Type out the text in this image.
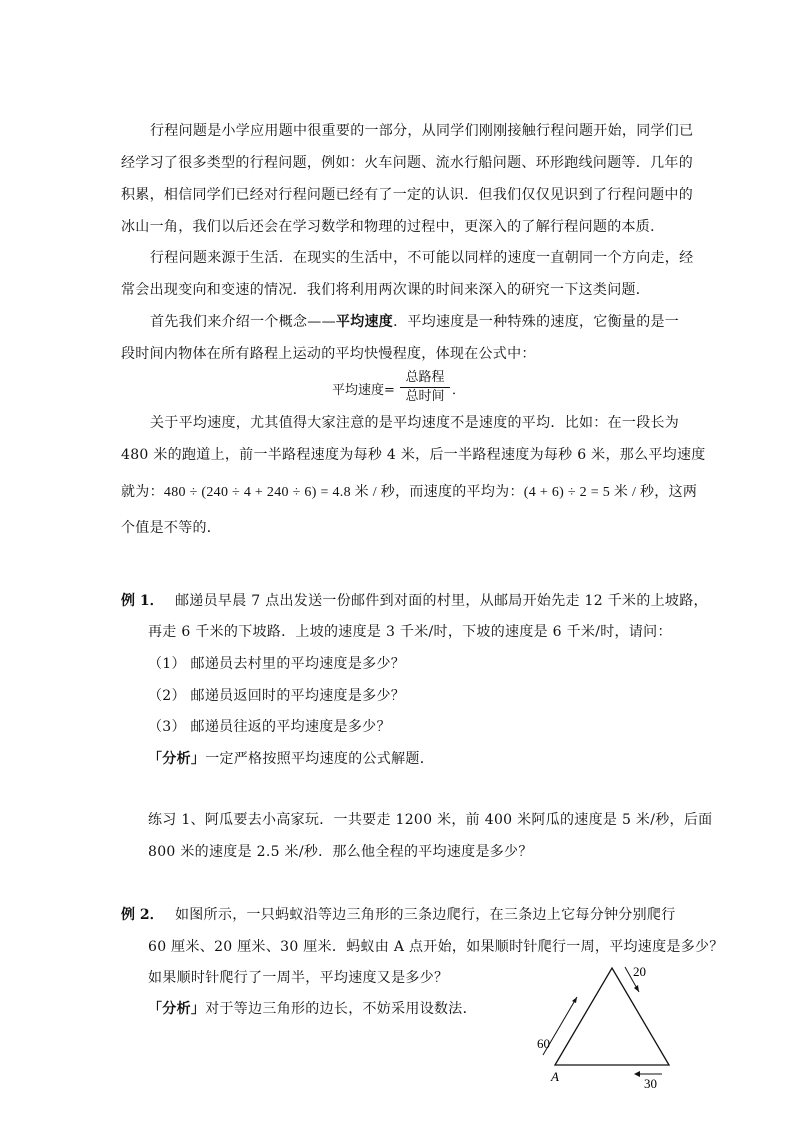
行程问题是小学应用题中很重要的一部分，从同学们刚刚接触行程问题开始，同学们已
经学习了很多类型的行程问题，例如：火车问题、流水行船问题、环形跑线问题等．几年的
积累，相信同学们已经对行程问题已经有了一定的认识．但我们仅仅见识到了行程问题中的
冰山一角，我们以后还会在学习数学和物理的过程中，更深入的了解行程问题的本质．
行程问题来源于生活．在现实的生活中，不可能以同样的速度一直朝同一个方向走，经
常会出现变向和变速的情况．我们将利用两次课的时间来深入的研究一下这类问题．
首先我们来介绍一个概念——平均速度．平均速度是一种特殊的速度，它衡量的是一
段时间内物体在所有路程上运动的平均快慢程度，体现在公式中：
平均速度=
总路程
总时间 ．
关于平均速度，尤其值得大家注意的是平均速度不是速度的平均．比如：在一段长为
480 米的跑道上，前一半路程速度为每秒 4 米，后一半路程速度为每秒 6 米，那么平均速度
就为：480 ÷ (240 ÷ 4 + 240 ÷ 6) = 4.8 米 / 秒，而速度的平均为：(4 + 6) ÷ 2 = 5 米 / 秒，这两
个值是不等的．
例 1． 邮递员早晨 7 点出发送一份邮件到对面的村里，从邮局开始先走 12 千米的上坡路，
再走 6 千米的下坡路．上坡的速度是 3 千米/时，下坡的速度是 6 千米/时，请问：
（1） 邮递员去村里的平均速度是多少？
（2） 邮递员返回时的平均速度是多少？
（3） 邮递员往返的平均速度是多少？
「分析」一定严格按照平均速度的公式解题．
练习 1、阿瓜要去小高家玩．一共要走 1200 米，前 400 米阿瓜的速度是 5 米/秒，后面
800 米的速度是 2.5 米/秒．那么他全程的平均速度是多少？
例 2． 如图所示，一只蚂蚁沿等边三角形的三条边爬行，在三条边上它每分钟分别爬行
60 厘米、20 厘米、30 厘米．蚂蚁由 A 点开始，如果顺时针爬行一周，平均速度是多少？
如果顺时针爬行了一周半，平均速度又是多少？
「分析」对于等边三角形的边长，不妨采用设数法．
60
20
30
A
